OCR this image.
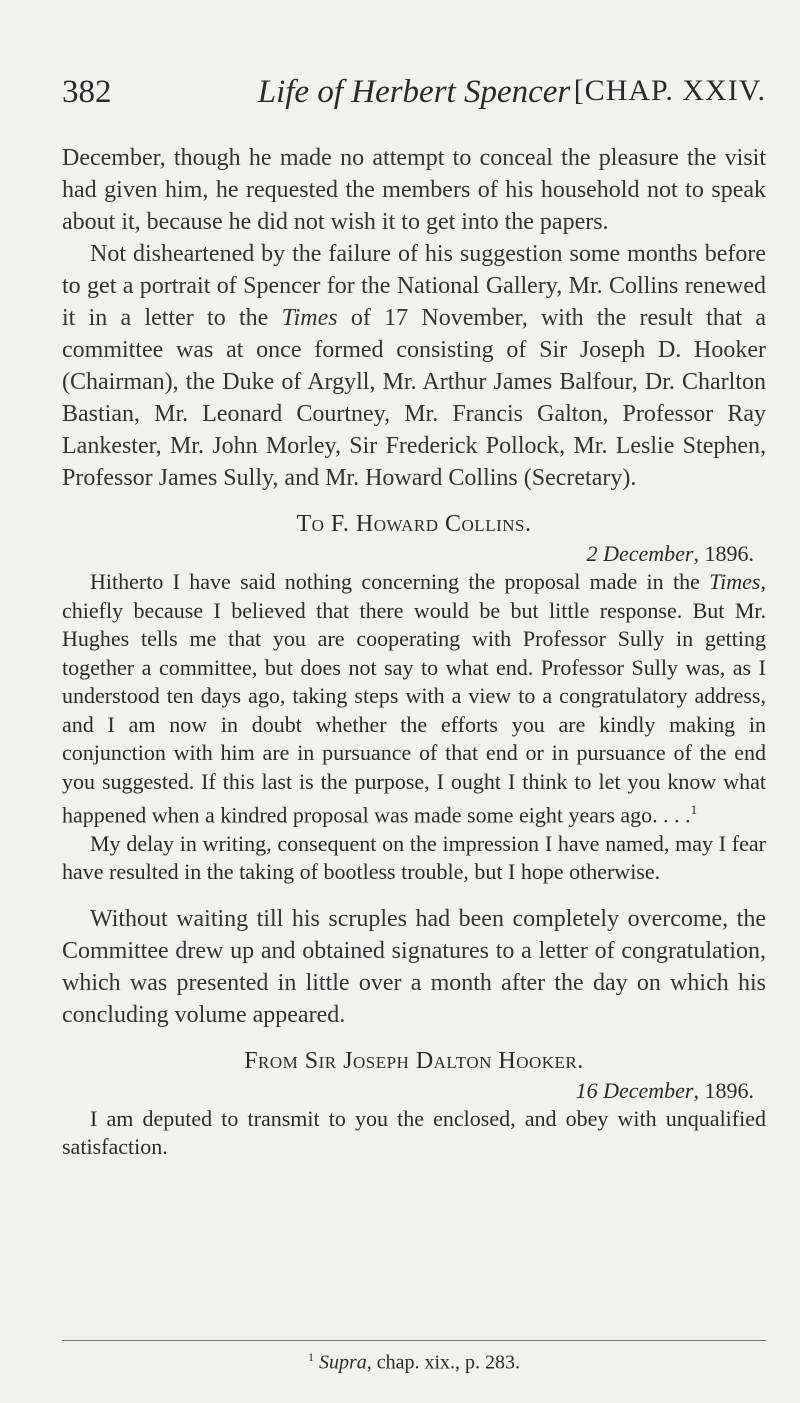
382	Life of Herbert Spencer [CHAP. XXIV.

December, though he made no attempt to conceal the pleasure the visit had given him, he requested the members of his household not to speak about it, because he did not wish it to get into the papers.

Not disheartened by the failure of his suggestion some months before to get a portrait of Spencer for the National Gallery, Mr. Collins renewed it in a letter to the Times of 17 November, with the result that a committee was at once formed consisting of Sir Joseph D. Hooker (Chairman), the Duke of Argyll, Mr. Arthur James Balfour, Dr. Charlton Bastian, Mr. Leonard Courtney, Mr. Francis Galton, Professor Ray Lankester, Mr. John Morley, Sir Frederick Pollock, Mr. Leslie Stephen, Professor James Sully, and Mr. Howard Collins (Secretary).

To F. Howard Collins.

2 December, 1896.

Hitherto I have said nothing concerning the proposal made in the Times, chiefly because I believed that there would be but little response. But Mr. Hughes tells me that you are cooperating with Professor Sully in getting together a committee, but does not say to what end. Professor Sully was, as I understood ten days ago, taking steps with a view to a congratulatory address, and I am now in doubt whether the efforts you are kindly making in conjunction with him are in pursuance of that end or in pursuance of the end you suggested. If this last is the purpose, I ought I think to let you know what happened when a kindred proposal was made some eight years ago. . . .$^1$

My delay in writing, consequent on the impression I have named, may I fear have resulted in the taking of bootless trouble, but I hope otherwise.

Without waiting till his scruples had been completely overcome, the Committee drew up and obtained signatures to a letter of congratulation, which was presented in little over a month after the day on which his concluding volume appeared.

From Sir Joseph Dalton Hooker.

16 December, 1896.

I am deputed to transmit to you the enclosed, and obey with unqualified satisfaction.

$^1$ Supra, chap. xix., p. 283.
